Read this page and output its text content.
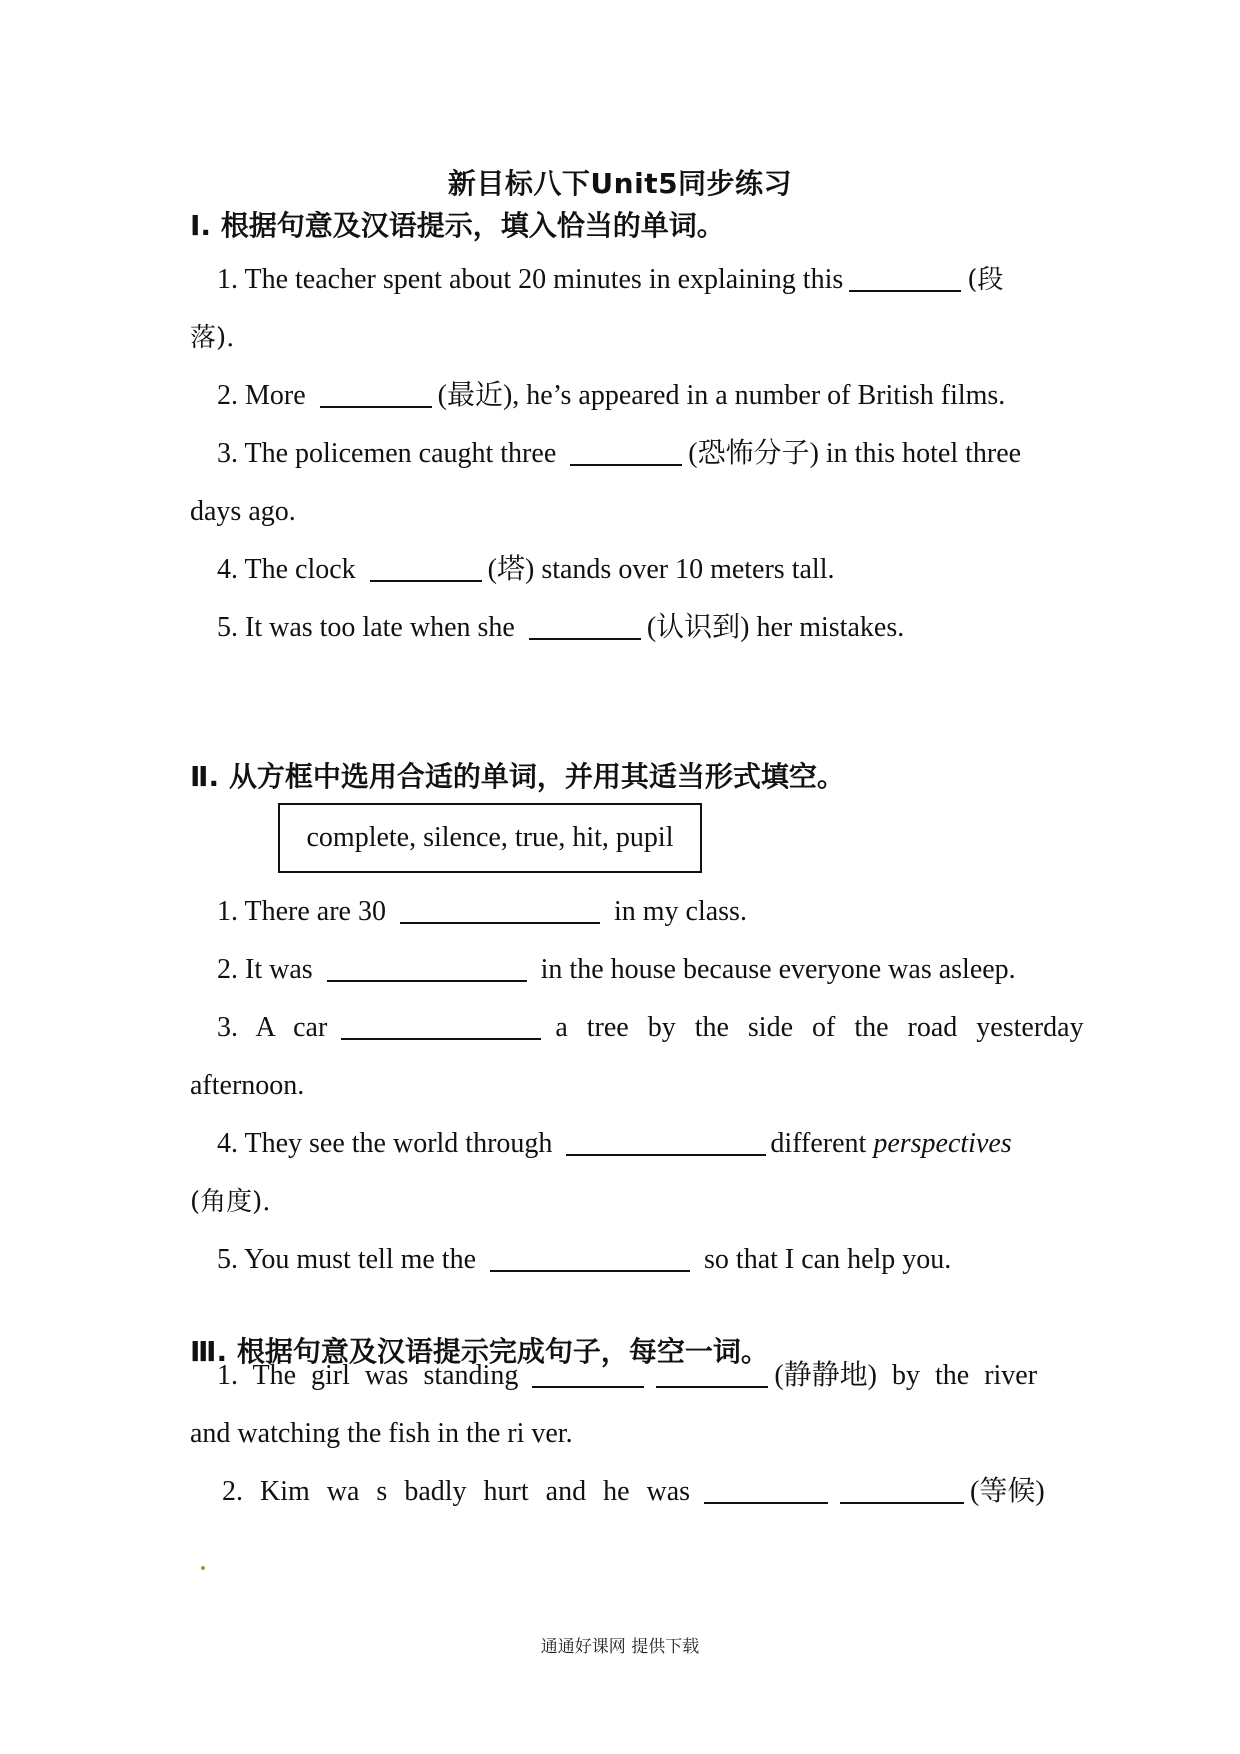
新目标八下Unit5同步练习
Ⅰ. 根据句意及汉语提示，填入恰当的单词。
1. The teacher spent about 20 minutes in explaining this	(段
落).
2. More	(最近), he’s appeared in a number of British films.
3. The policemen caught three	(恐怖分子) in this hotel three
days ago.
4. The clock	(塔) stands over 10 meters tall.
5. It was too late when she	(认识到) her mistakes.
Ⅱ. 从方框中选用合适的单词，并用其适当形式填空。
complete, silence, true, hit, pupil
1. There are 30	in my class.
2. It was	in the house because everyone was asleep.
3. A car	a tree by the side of the road yesterday
afternoon.
4. They see the world through	different perspectives
(角度).
5. You must tell me the	so that I can help you.
Ⅲ. 根据句意及汉语提示完成句子，每空一词。
1. The girl was standing	(静静地) by the river
and watching the fish in the ri ver.
2. Kim wa s badly hurt and he was	(等候)
通通好课网 提供下载
